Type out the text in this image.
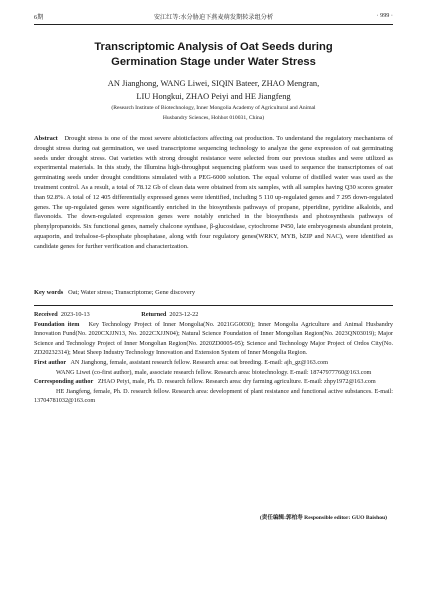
6期	安江红等:水分胁迫下燕麦萌发期转录组分析	· 999 ·
Transcriptomic Analysis of Oat Seeds during
Germination Stage under Water Stress
AN Jianghong, WANG Liwei, SIQIN Bateer, ZHAO Mengran,
LIU Hongkui, ZHAO Peiyi and HE Jiangfeng
(Research Institute of Biotechnology, Inner Mongolia Academy of Agricultural and Animal
Husbandry Sciences, Hohhot 010031, China)
Abstract Drought stress is one of the most severe abioticfactors affecting oat production. To understand the regulatory mechanisms of drought stress during oat germination, we used transcriptome sequencing technology to analyze the gene expression of oat germinating seeds under drought stress. Oat varieties with strong drought resistance were selected from our previous studies and were utilized as experimental materials. In this study, the Illumina high-throughput sequencing platform was used to sequence the transcriptomes of oat germinating seeds under drought conditions simulated with a PEG-6000 solution. The equal volume of distilled water was used as the treatment control. As a result, a total of 78.12 Gb of clean data were obtained from six samples, with all samples having Q30 scores greater than 92.8%. A total of 12 405 differentially expressed genes were identified, including 5 110 up-regulated genes and 7 295 down-regulated genes. The up-regulated genes were significantly enriched in the biosynthesis pathways of propane, piperidine, pyridine alkaloids, and flavonoids. The down-regulated expression genes were notably enriched in the biosynthesis and photosynthesis pathways of phenylpropanoids. Six functional genes, namely chalcone synthase, β-glucosidase, cytochrome P450, late embryogenesis abundant protein, aquaporin, and trehalose-6-phosphate phosphatase, along with four regulatory genes(WRKY, MYB, bZIP and NAC), were identified as candidate genes for further verification and characterization.
Key words Oat; Water stress; Transcriptome; Gene discovery

Received 2023-10-13	Returned 2023-12-22

Foundation item Key Technology Project of Inner Mongolia(No. 2021GG0030); Inner Mongolia Agriculture and Animal Husbandry Innovation Fund(No. 2020CXJJN13, No. 2022CXJJN04); Natural Science Foundation of Inner Mongolian Region(No. 2023QN03019); Major Science and Technology Project of Inner Mongolian Region(No. 2020ZD0005-05); Science and Technology Major Project of Ordos City(No. ZD20232314); Meat Sheep Industry Technology Innovation and Extension System of Inner Mongolia Region.

First author AN Jianghong, female, assistant research fellow. Research area: oat breeding. E-mail: ajh_gz@163.com

WANG Liwei (co-first author), male, associate research fellow. Research area: biotechnology. E-mail: 18747977760@163.com

Corresponding author ZHAO Peiyi, male, Ph. D. research fellow. Research area: dry farming agriculture. E-mail: zhpy1972@163.com

HE Jiangfeng, female, Ph. D. research fellow. Research area: development of plant resistance and functional active substances. E-mail: 13704781032@163.com

(责任编辑:郭柏寿 Responsible editor: GUO Baishou)
